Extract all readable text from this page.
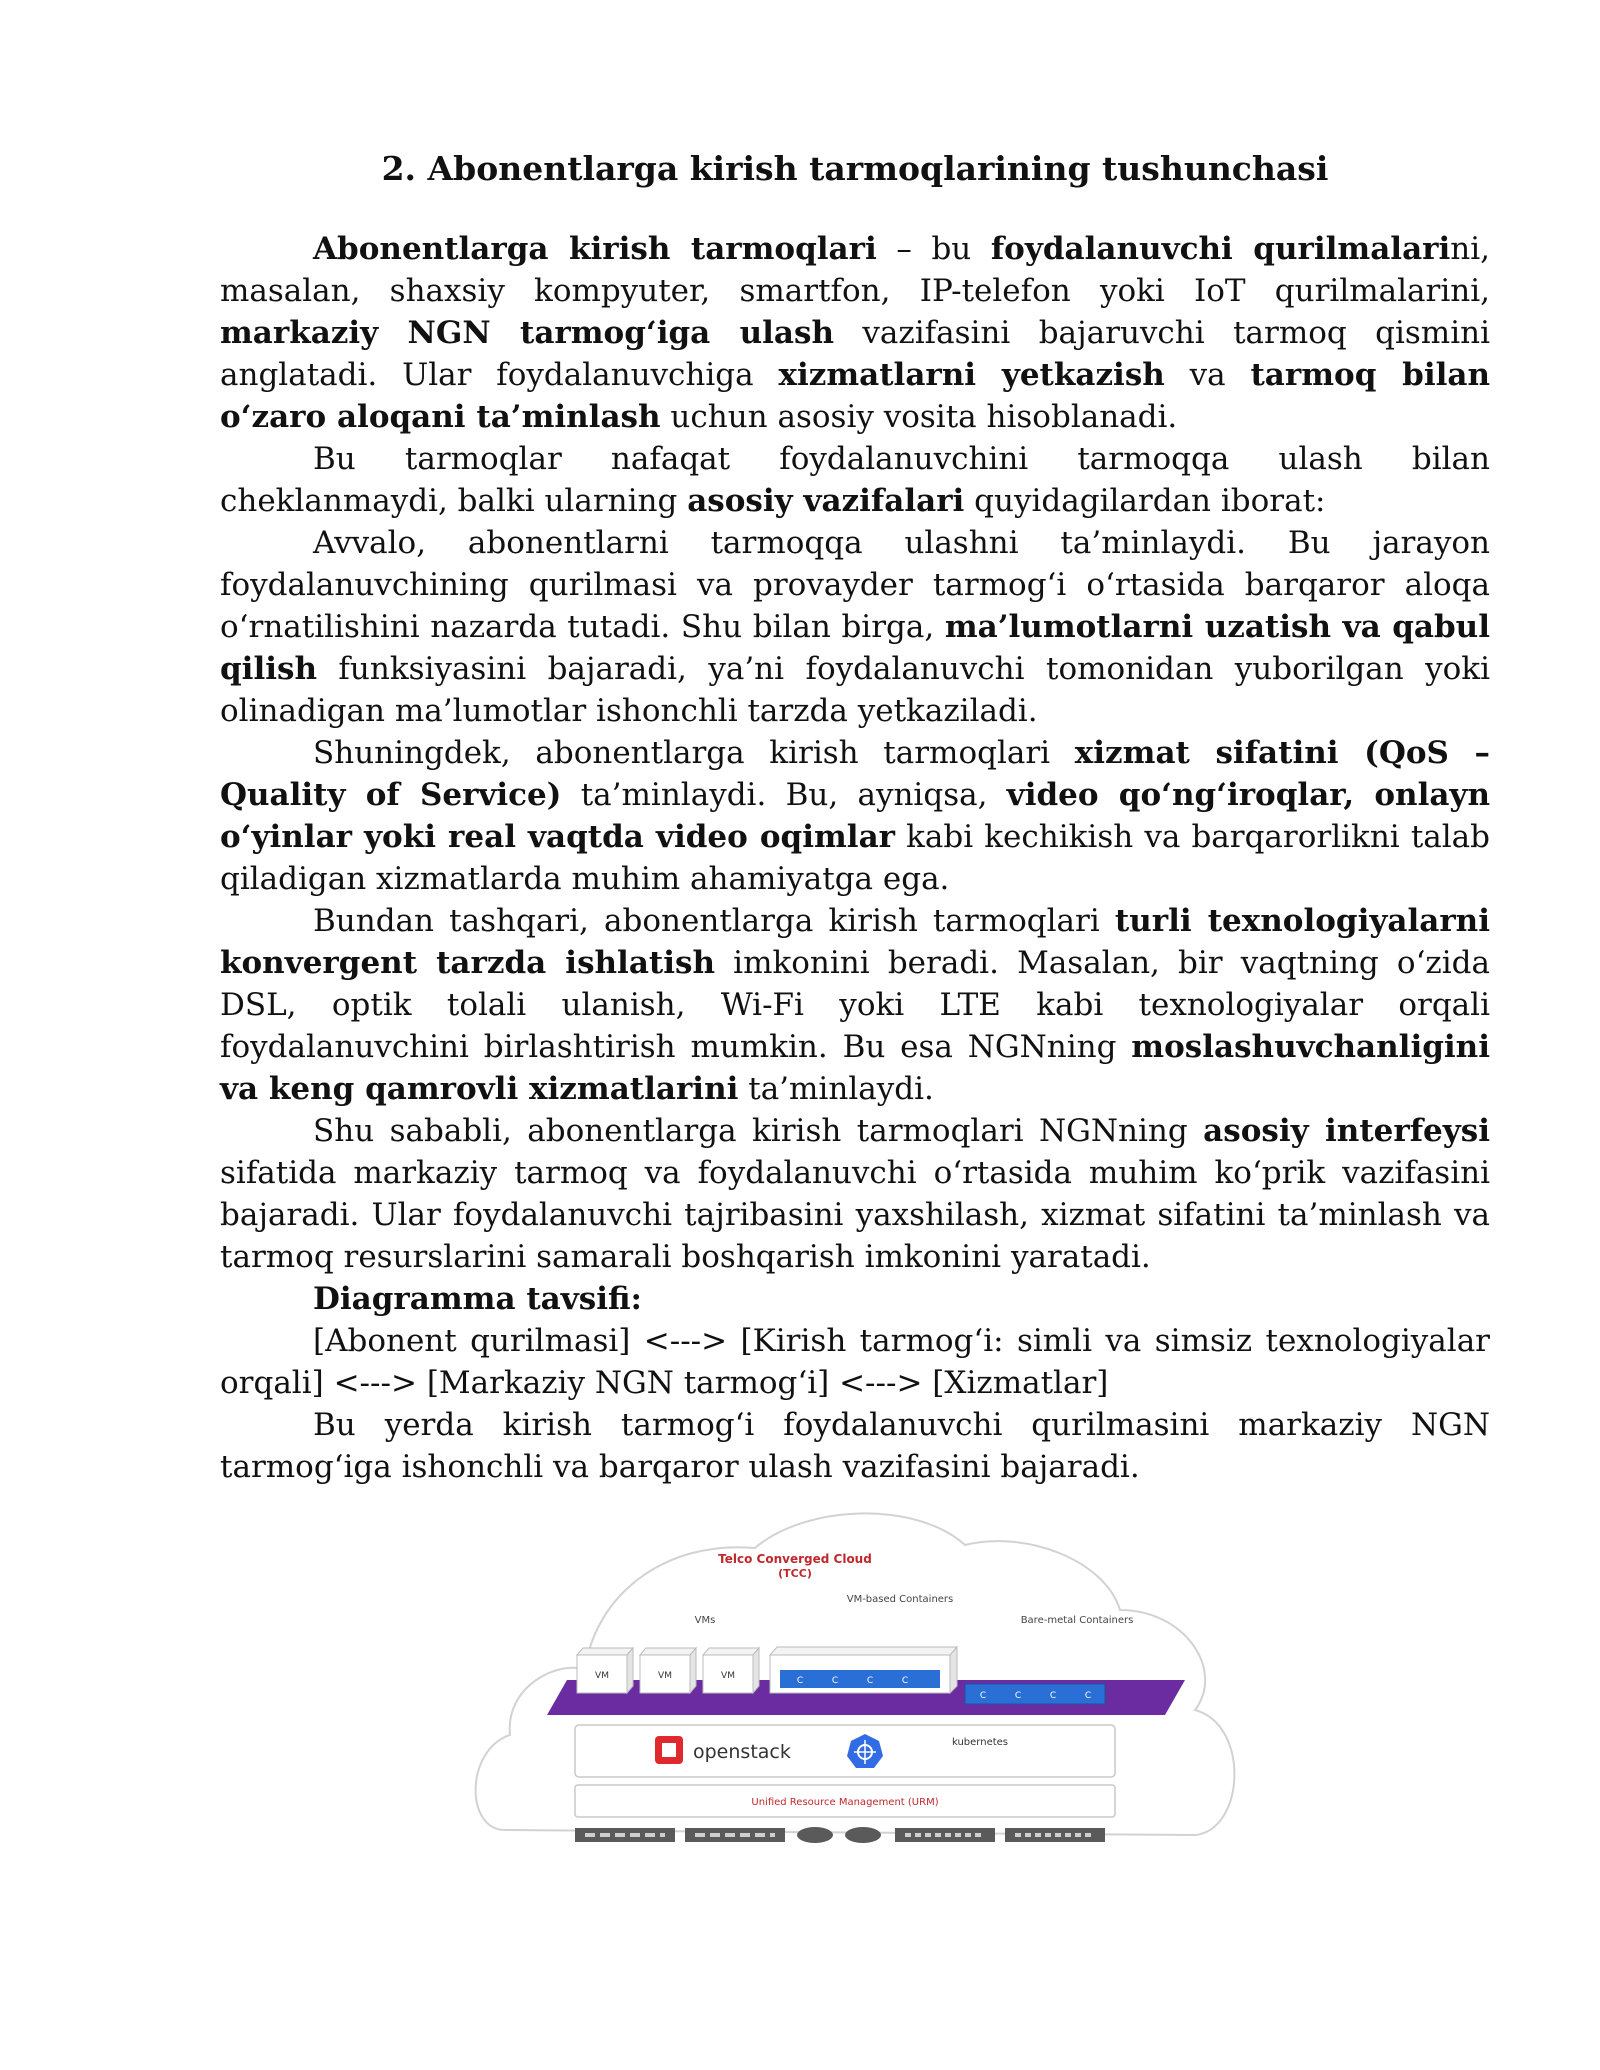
2. Abonentlarga kirish tarmoqlarining tushunchasi

Abonentlarga kirish tarmoqlari – bu foydalanuvchi qurilmalarini, masalan, shaxsiy kompyuter, smartfon, IP-telefon yoki IoT qurilmalarini, markaziy NGN tarmog‘iga ulash vazifasini bajaruvchi tarmoq qismini anglatadi. Ular foydalanuvchiga xizmatlarni yetkazish va tarmoq bilan o‘zaro aloqani ta’minlash uchun asosiy vosita hisoblanadi.

Bu tarmoqlar nafaqat foydalanuvchini tarmoqqa ulash bilan cheklanmaydi, balki ularning asosiy vazifalari quyidagilardan iborat:

Avvalo, abonentlarni tarmoqqa ulashni ta’minlaydi. Bu jarayon foydalanuvchining qurilmasi va provayder tarmog‘i o‘rtasida barqaror aloqa o‘rnatilishini nazarda tutadi. Shu bilan birga, ma’lumotlarni uzatish va qabul qilish funksiyasini bajaradi, ya’ni foydalanuvchi tomonidan yuborilgan yoki olinadigan ma’lumotlar ishonchli tarzda yetkaziladi.

Shuningdek, abonentlarga kirish tarmoqlari xizmat sifatini (QoS – Quality of Service) ta’minlaydi. Bu, ayniqsa, video qo‘ng‘iroqlar, onlayn o‘yinlar yoki real vaqtda video oqimlar kabi kechikish va barqarorlikni talab qiladigan xizmatlarda muhim ahamiyatga ega.

Bundan tashqari, abonentlarga kirish tarmoqlari turli texnologiyalarni konvergent tarzda ishlatish imkonini beradi. Masalan, bir vaqtning o‘zida DSL, optik tolali ulanish, Wi-Fi yoki LTE kabi texnologiyalar orqali foydalanuvchini birlashtirish mumkin. Bu esa NGNning moslashuvchanligini va keng qamrovli xizmatlarini ta’minlaydi.

Shu sababli, abonentlarga kirish tarmoqlari NGNning asosiy interfeysi sifatida markaziy tarmoq va foydalanuvchi o‘rtasida muhim ko‘prik vazifasini bajaradi. Ular foydalanuvchi tajribasini yaxshilash, xizmat sifatini ta’minlash va tarmoq resurslarini samarali boshqarish imkonini yaratadi.

Diagramma tavsifi:

[Abonent qurilmasi] <---> [Kirish tarmog‘i: simli va simsiz texnologiyalar orqali] <---> [Markaziy NGN tarmog‘i] <---> [Xizmatlar]

Bu yerda kirish tarmog‘i foydalanuvchi qurilmasini markaziy NGN tarmog‘iga ishonchli va barqaror ulash vazifasini bajaradi.

Telco Converged Cloud
(TCC)
VM-based Containers
VMs	Bare-metal Containers
VM	VM	VM	C	C	C	C
C	C	C	C
openstack	kubernetes
Unified Resource Management (URM)
